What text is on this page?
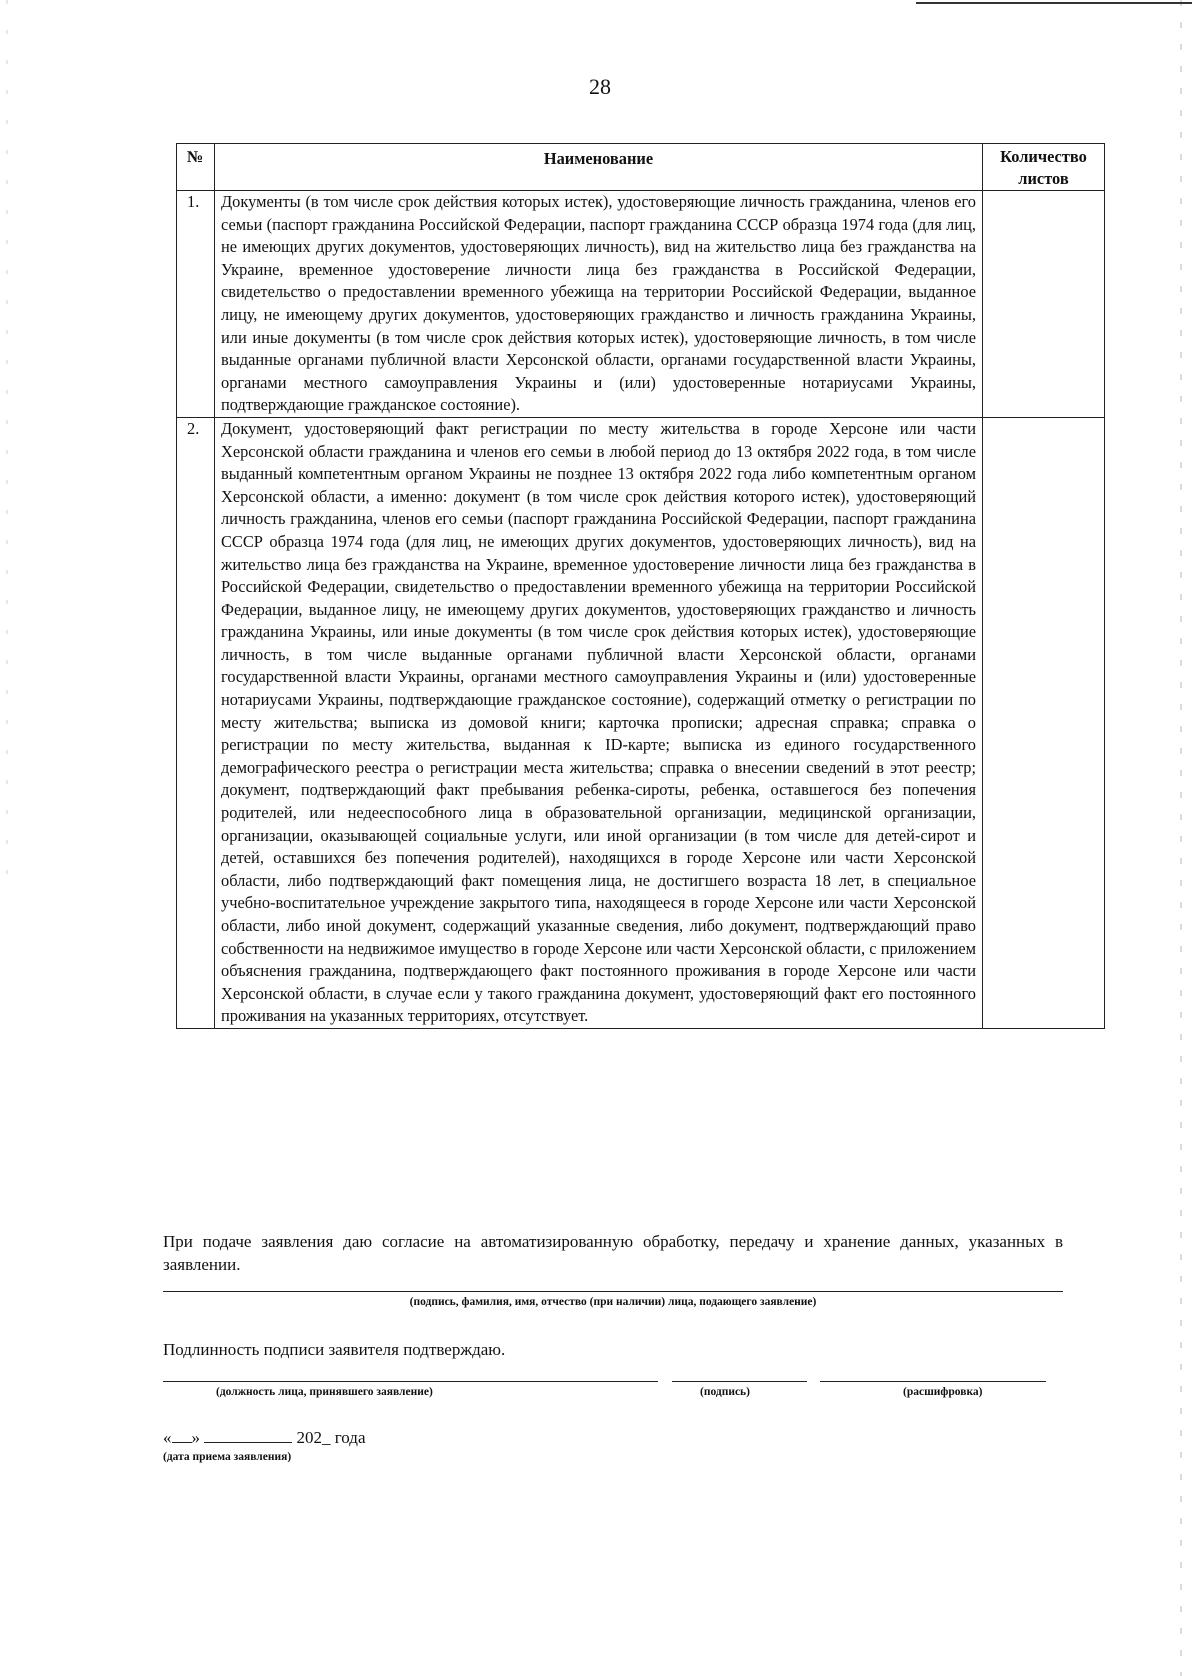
28
№	Наименование	Количество листов
1.	Документы (в том числе срок действия которых истек), удостоверяющие личность гражданина, членов его семьи (паспорт гражданина Российской Федерации, паспорт гражданина СССР образца 1974 года (для лиц, не имеющих других документов, удостоверяющих личность), вид на жительство лица без гражданства на Украине, временное удостоверение личности лица без гражданства в Российской Федерации, свидетельство о предоставлении временного убежища на территории Российской Федерации, выданное лицу, не имеющему других документов, удостоверяющих гражданство и личность гражданина Украины, или иные документы (в том числе срок действия которых истек), удостоверяющие личность, в том числе выданные органами публичной власти Херсонской области, органами государственной власти Украины, органами местного самоуправления Украины и (или) удостоверенные нотариусами Украины, подтверждающие гражданское состояние).	
2.	Документ, удостоверяющий факт регистрации по месту жительства в городе Херсоне или части Херсонской области гражданина и членов его семьи в любой период до 13 октября 2022 года, в том числе выданный компетентным органом Украины не позднее 13 октября 2022 года либо компетентным органом Херсонской области, а именно: документ (в том числе срок действия которого истек), удостоверяющий личность гражданина, членов его семьи (паспорт гражданина Российской Федерации, паспорт гражданина СССР образца 1974 года (для лиц, не имеющих других документов, удостоверяющих личность), вид на жительство лица без гражданства на Украине, временное удостоверение личности лица без гражданства в Российской Федерации, свидетельство о предоставлении временного убежища на территории Российской Федерации, выданное лицу, не имеющему других документов, удостоверяющих гражданство и личность гражданина Украины, или иные документы (в том числе срок действия которых истек), удостоверяющие личность, в том числе выданные органами публичной власти Херсонской области, органами государственной власти Украины, органами местного самоуправления Украины и (или) удостоверенные нотариусами Украины, подтверждающие гражданское состояние), содержащий отметку о регистрации по месту жительства; выписка из домовой книги; карточка прописки; адресная справка; справка о регистрации по месту жительства, выданная к ID-карте; выписка из единого государственного демографического реестра о регистрации места жительства; справка о внесении сведений в этот реестр; документ, подтверждающий факт пребывания ребенка-сироты, ребенка, оставшегося без попечения родителей, или недееспособного лица в образовательной организации, медицинской организации, организации, оказывающей социальные услуги, или иной организации (в том числе для детей-сирот и детей, оставшихся без попечения родителей), находящихся в городе Херсоне или части Херсонской области, либо подтверждающий факт помещения лица, не достигшего возраста 18 лет, в специальное учебно-воспитательное учреждение закрытого типа, находящееся в городе Херсоне или части Херсонской области, либо иной документ, содержащий указанные сведения, либо документ, подтверждающий право собственности на недвижимое имущество в городе Херсоне или части Херсонской области, с приложением объяснения гражданина, подтверждающего факт постоянного проживания в городе Херсоне или части Херсонской области, в случае если у такого гражданина документ, удостоверяющий факт его постоянного проживания на указанных территориях, отсутствует.	
При подаче заявления даю согласие на автоматизированную обработку, передачу и хранение данных, указанных в заявлении.
(подпись, фамилия, имя, отчество (при наличии) лица, подающего заявление)
Подлинность подписи заявителя подтверждаю.
(должность лица, принявшего заявление)	(подпись)	(расшифровка)
« »	202_ года
(дата приема заявления)
